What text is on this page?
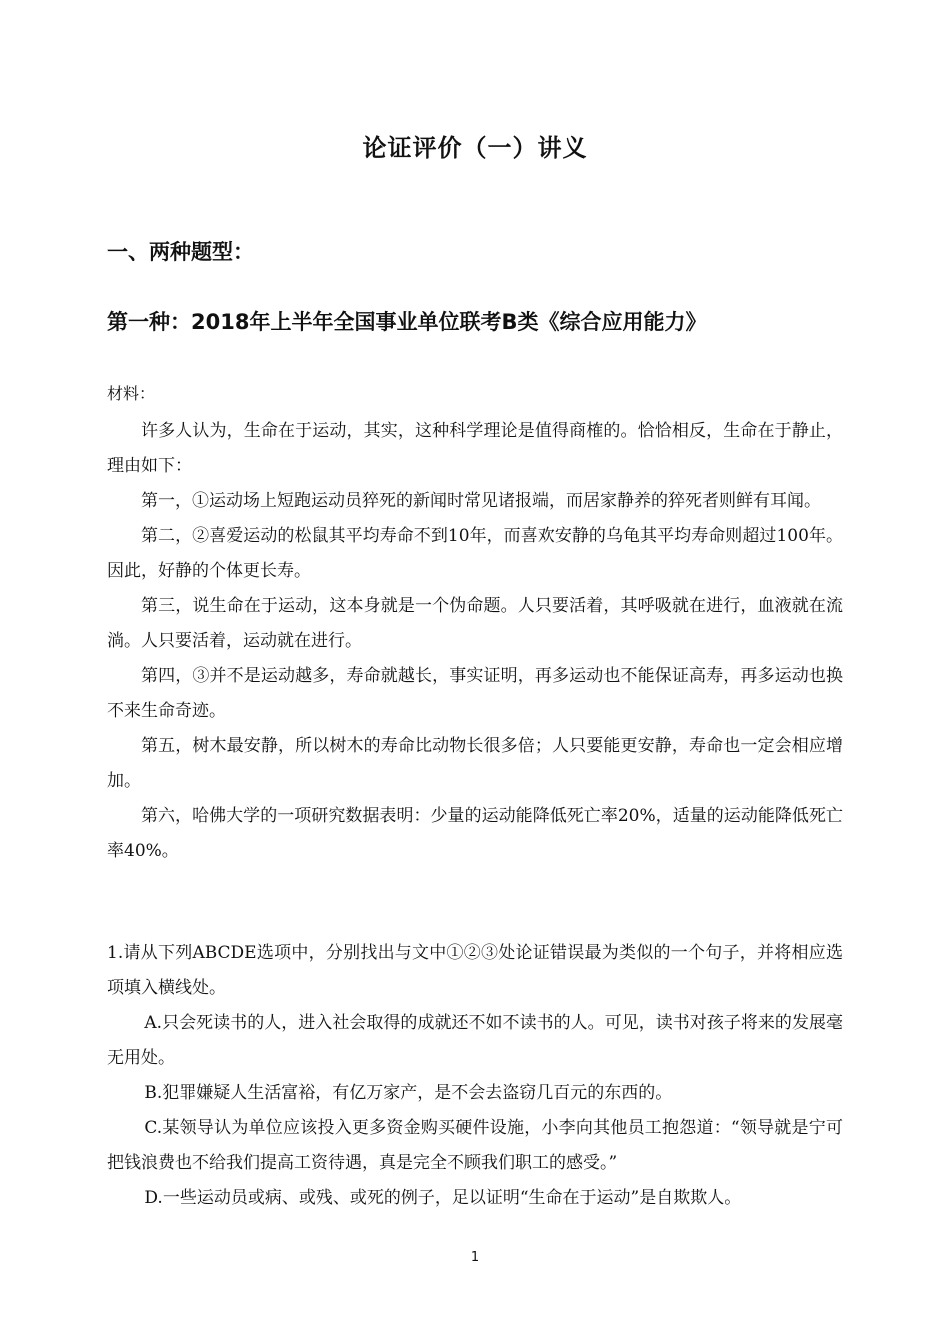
论证评价（一）讲义
一、两种题型：
第一种：2018年上半年全国事业单位联考B类《综合应用能力》
材料：

许多人认为，生命在于运动，其实，这种科学理论是值得商榷的。恰恰相反，生命在于静止，理由如下：

第一，①运动场上短跑运动员猝死的新闻时常见诸报端，而居家静养的猝死者则鲜有耳闻。

第二，②喜爱运动的松鼠其平均寿命不到10年，而喜欢安静的乌龟其平均寿命则超过100年。因此，好静的个体更长寿。

第三，说生命在于运动，这本身就是一个伪命题。人只要活着，其呼吸就在进行，血液就在流淌。人只要活着，运动就在进行。

第四，③并不是运动越多，寿命就越长，事实证明，再多运动也不能保证高寿，再多运动也换不来生命奇迹。

第五，树木最安静，所以树木的寿命比动物长很多倍；人只要能更安静，寿命也一定会相应增加。

第六，哈佛大学的一项研究数据表明：少量的运动能降低死亡率20%，适量的运动能降低死亡率40%。

1.请从下列ABCDE选项中，分别找出与文中①②③处论证错误最为类似的一个句子，并将相应选项填入横线处。

A.只会死读书的人，进入社会取得的成就还不如不读书的人。可见，读书对孩子将来的发展毫无用处。

B.犯罪嫌疑人生活富裕，有亿万家产，是不会去盗窃几百元的东西的。

C.某领导认为单位应该投入更多资金购买硬件设施，小李向其他员工抱怨道：“领导就是宁可把钱浪费也不给我们提高工资待遇，真是完全不顾我们职工的感受。”

D.一些运动员或病、或残、或死的例子，足以证明“生命在于运动”是自欺欺人。

1
